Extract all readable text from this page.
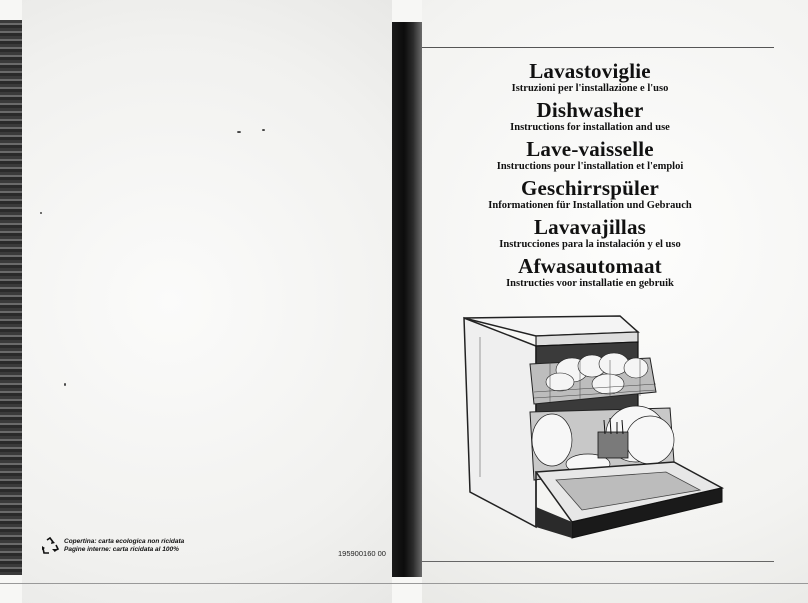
Lavastoviglie
Istruzioni per l'installazione e l'uso
Dishwasher
Instructions for installation and use
Lave-vaisselle
Instructions pour l'installation et l'emploi
Geschirrspüler
Informationen für Installation und Gebrauch
Lavavajillas
Instrucciones para la instalación y el uso
Afwasautomaat
Instructies voor installatie en gebruik
Copertina: carta ecologica non ricidata
Pagine interne: carta ricidata al 100%	195900160 00
